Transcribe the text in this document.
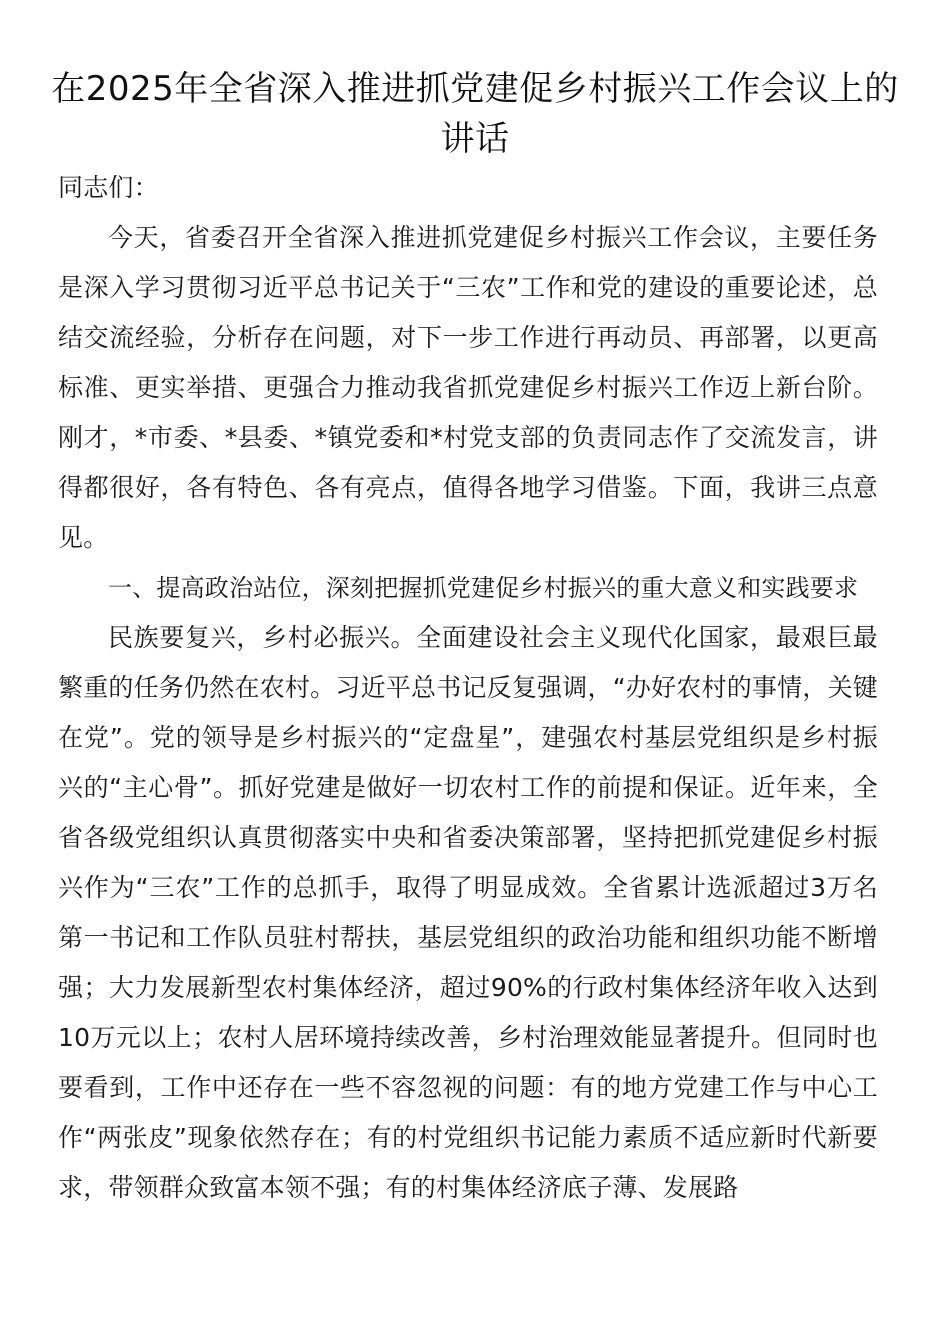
在2025年全省深入推进抓党建促乡村振兴工作会议上的讲话

同志们：

今天，省委召开全省深入推进抓党建促乡村振兴工作会议，主要任务是深入学习贯彻习近平总书记关于“三农”工作和党的建设的重要论述，总结交流经验，分析存在问题，对下一步工作进行再动员、再部署，以更高标准、更实举措、更强合力推动我省抓党建促乡村振兴工作迈上新台阶。刚才，*市委、*县委、*镇党委和*村党支部的负责同志作了交流发言，讲得都很好，各有特色、各有亮点，值得各地学习借鉴。下面，我讲三点意见。

一、提高政治站位，深刻把握抓党建促乡村振兴的重大意义和实践要求

民族要复兴，乡村必振兴。全面建设社会主义现代化国家，最艰巨最繁重的任务仍然在农村。习近平总书记反复强调，“办好农村的事情，关键在党”。党的领导是乡村振兴的“定盘星”，建强农村基层党组织是乡村振兴的“主心骨”。抓好党建是做好一切农村工作的前提和保证。近年来，全省各级党组织认真贯彻落实中央和省委决策部署，坚持把抓党建促乡村振兴作为“三农”工作的总抓手，取得了明显成效。全省累计选派超过3万名第一书记和工作队员驻村帮扶，基层党组织的政治功能和组织功能不断增强；大力发展新型农村集体经济，超过90%的行政村集体经济年收入达到10万元以上；农村人居环境持续改善，乡村治理效能显著提升。但同时也要看到，工作中还存在一些不容忽视的问题：有的地方党建工作与中心工作“两张皮”现象依然存在；有的村党组织书记能力素质不适应新时代新要求，带领群众致富本领不强；有的村集体经济底子薄、发展路
